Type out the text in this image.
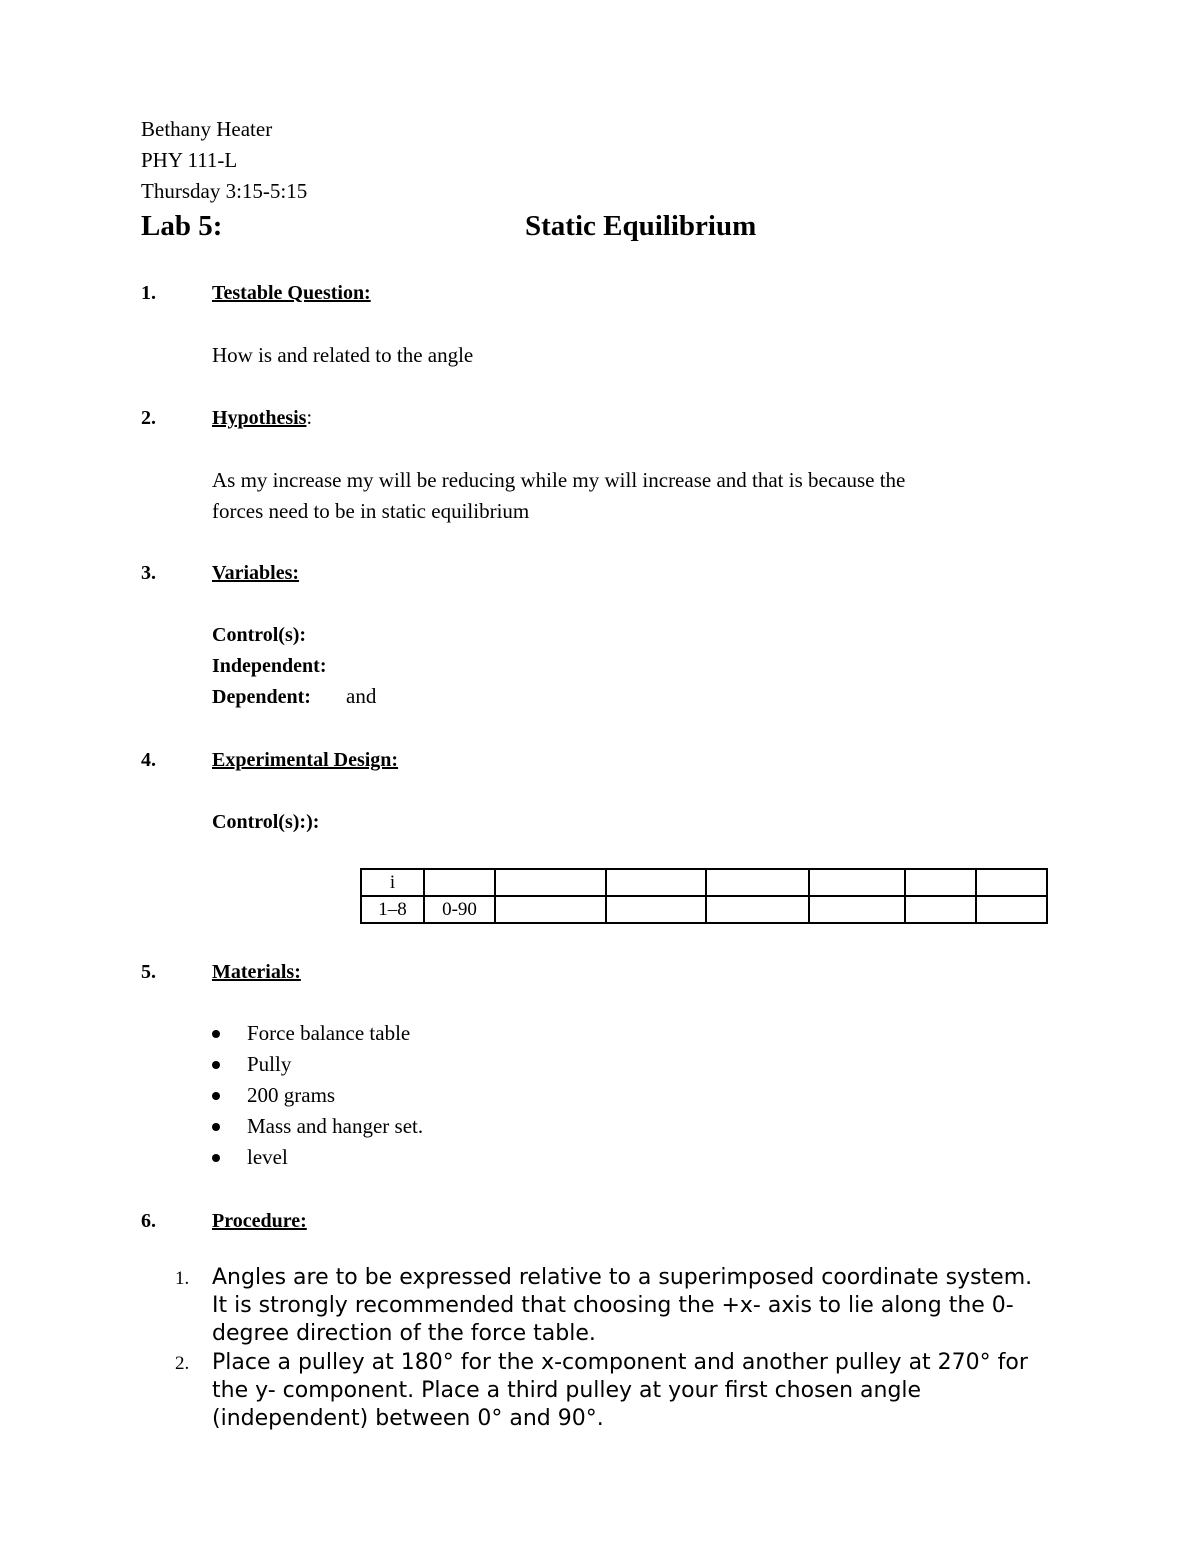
Bethany Heater
PHY 111-L
Thursday 3:15-5:15
Lab 5:	Static Equilibrium
1.	Testable Question:
How is and related to the angle
2.	Hypothesis:
As my increase my will be reducing while my will increase and that is because the
forces need to be in static equilibrium
3.	Variables:
Control(s):
Independent:
Dependent: and
4.	Experimental Design:
Control(s):):
i							
1–8	0-90						
5.	Materials:
Force balance table
Pully
200 grams
Mass and hanger set.
level
6.	Procedure:
1. Angles are to be expressed relative to a superimposed coordinate system. It is strongly recommended that choosing the +x- axis to lie along the 0-degree direction of the force table.
2. Place a pulley at 180° for the x-component and another pulley at 270° for the y- component. Place a third pulley at your first chosen angle (independent) between 0° and 90°.
